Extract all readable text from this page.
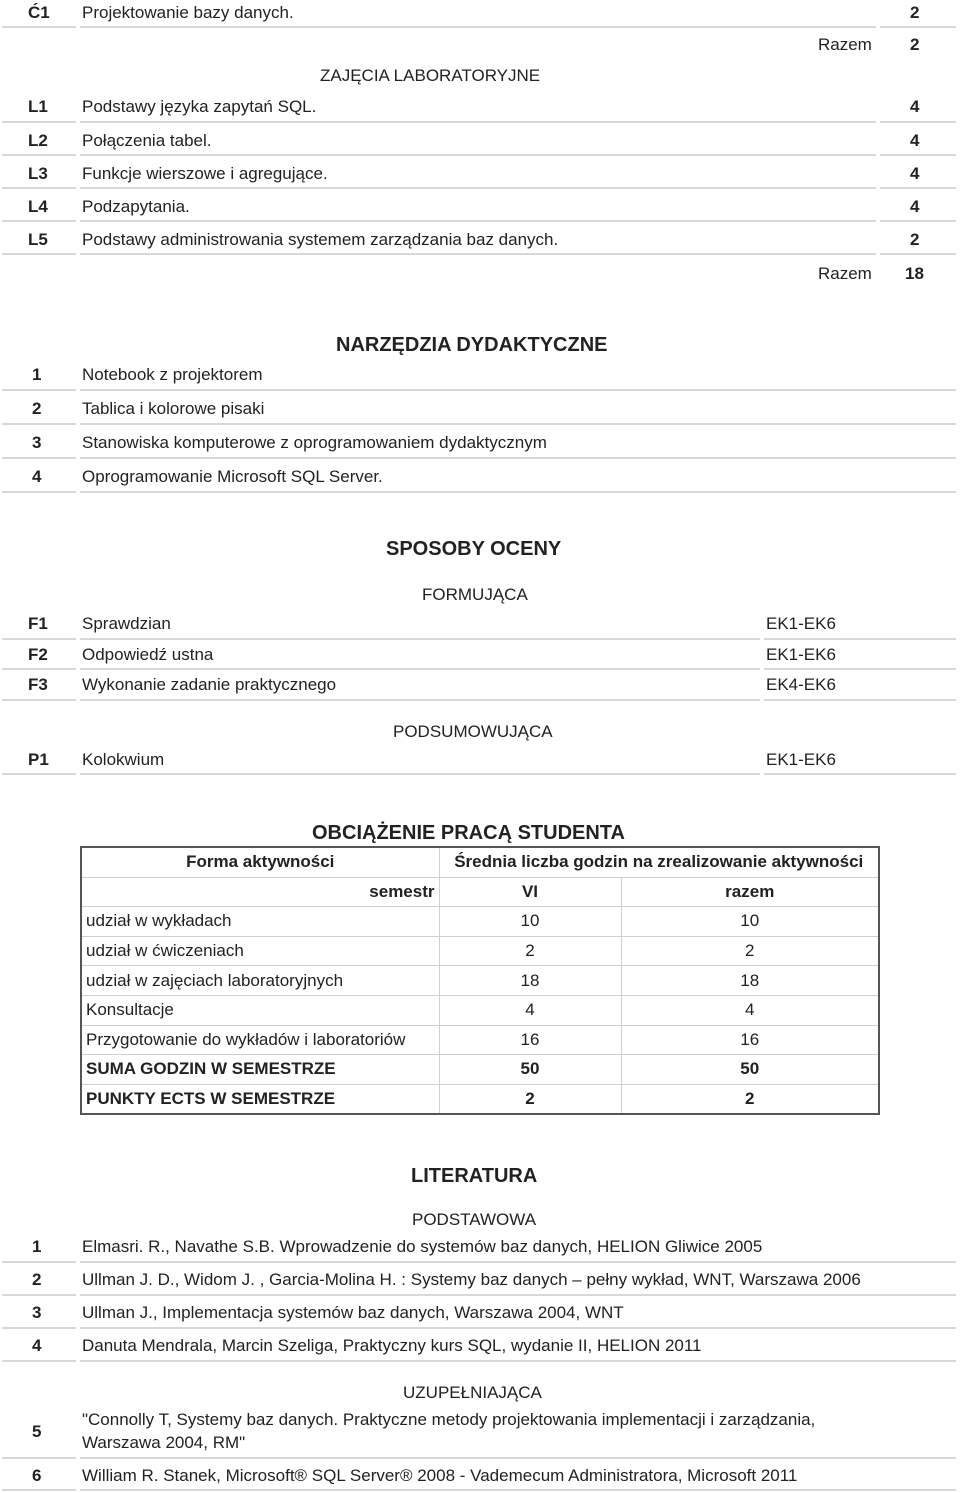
Ć1 Projektowanie bazy danych.	2
Razem 2
ZAJĘCIA LABORATORYJNE
L1 Podstawy języka zapytań SQL.	4
L2 Połączenia tabel.	4
L3 Funkcje wierszowe i agregujące.	4
L4 Podzapytania.	4
L5 Podstawy administrowania systemem zarządzania baz danych.	2
Razem 18
NARZĘDZIA DYDAKTYCZNE
1 Notebook z projektorem
2 Tablica i kolorowe pisaki
3 Stanowiska komputerowe z oprogramowaniem dydaktycznym
4 Oprogramowanie Microsoft SQL Server.
SPOSOBY OCENY
FORMUJĄCA
F1 Sprawdzian	EK1-EK6
F2 Odpowiedź ustna	EK1-EK6
F3 Wykonanie zadanie praktycznego	EK4-EK6
PODSUMOWUJĄCA
P1 Kolokwium	EK1-EK6
OBCIĄŻENIE PRACĄ STUDENTA
Forma aktywności	Średnia liczba godzin na zrealizowanie aktywności	
semestr	VI	razem
udział w wykładach	10	10
udział w ćwiczeniach	2	2
udział w zajęciach laboratoryjnych	18	18
Konsultacje	4	4
Przygotowanie do wykładów i laboratoriów	16	16
SUMA GODZIN W SEMESTRZE	50	50
PUNKTY ECTS W SEMESTRZE	2	2
LITERATURA
PODSTAWOWA
1 Elmasri. R., Navathe S.B. Wprowadzenie do systemów baz danych, HELION Gliwice 2005
2 Ullman J. D., Widom J. , Garcia-Molina H. : Systemy baz danych – pełny wykład, WNT, Warszawa 2006
3 Ullman J., Implementacja systemów baz danych, Warszawa 2004, WNT
4 Danuta Mendrala, Marcin Szeliga, Praktyczny kurs SQL, wydanie II, HELION 2011
UZUPEŁNIAJĄCA
5
"Connolly T, Systemy baz danych. Praktyczne metody projektowania implementacji i zarządzania,
Warszawa 2004, RM"
6 William R. Stanek, Microsoft® SQL Server® 2008 - Vademecum Administratora, Microsoft 2011
